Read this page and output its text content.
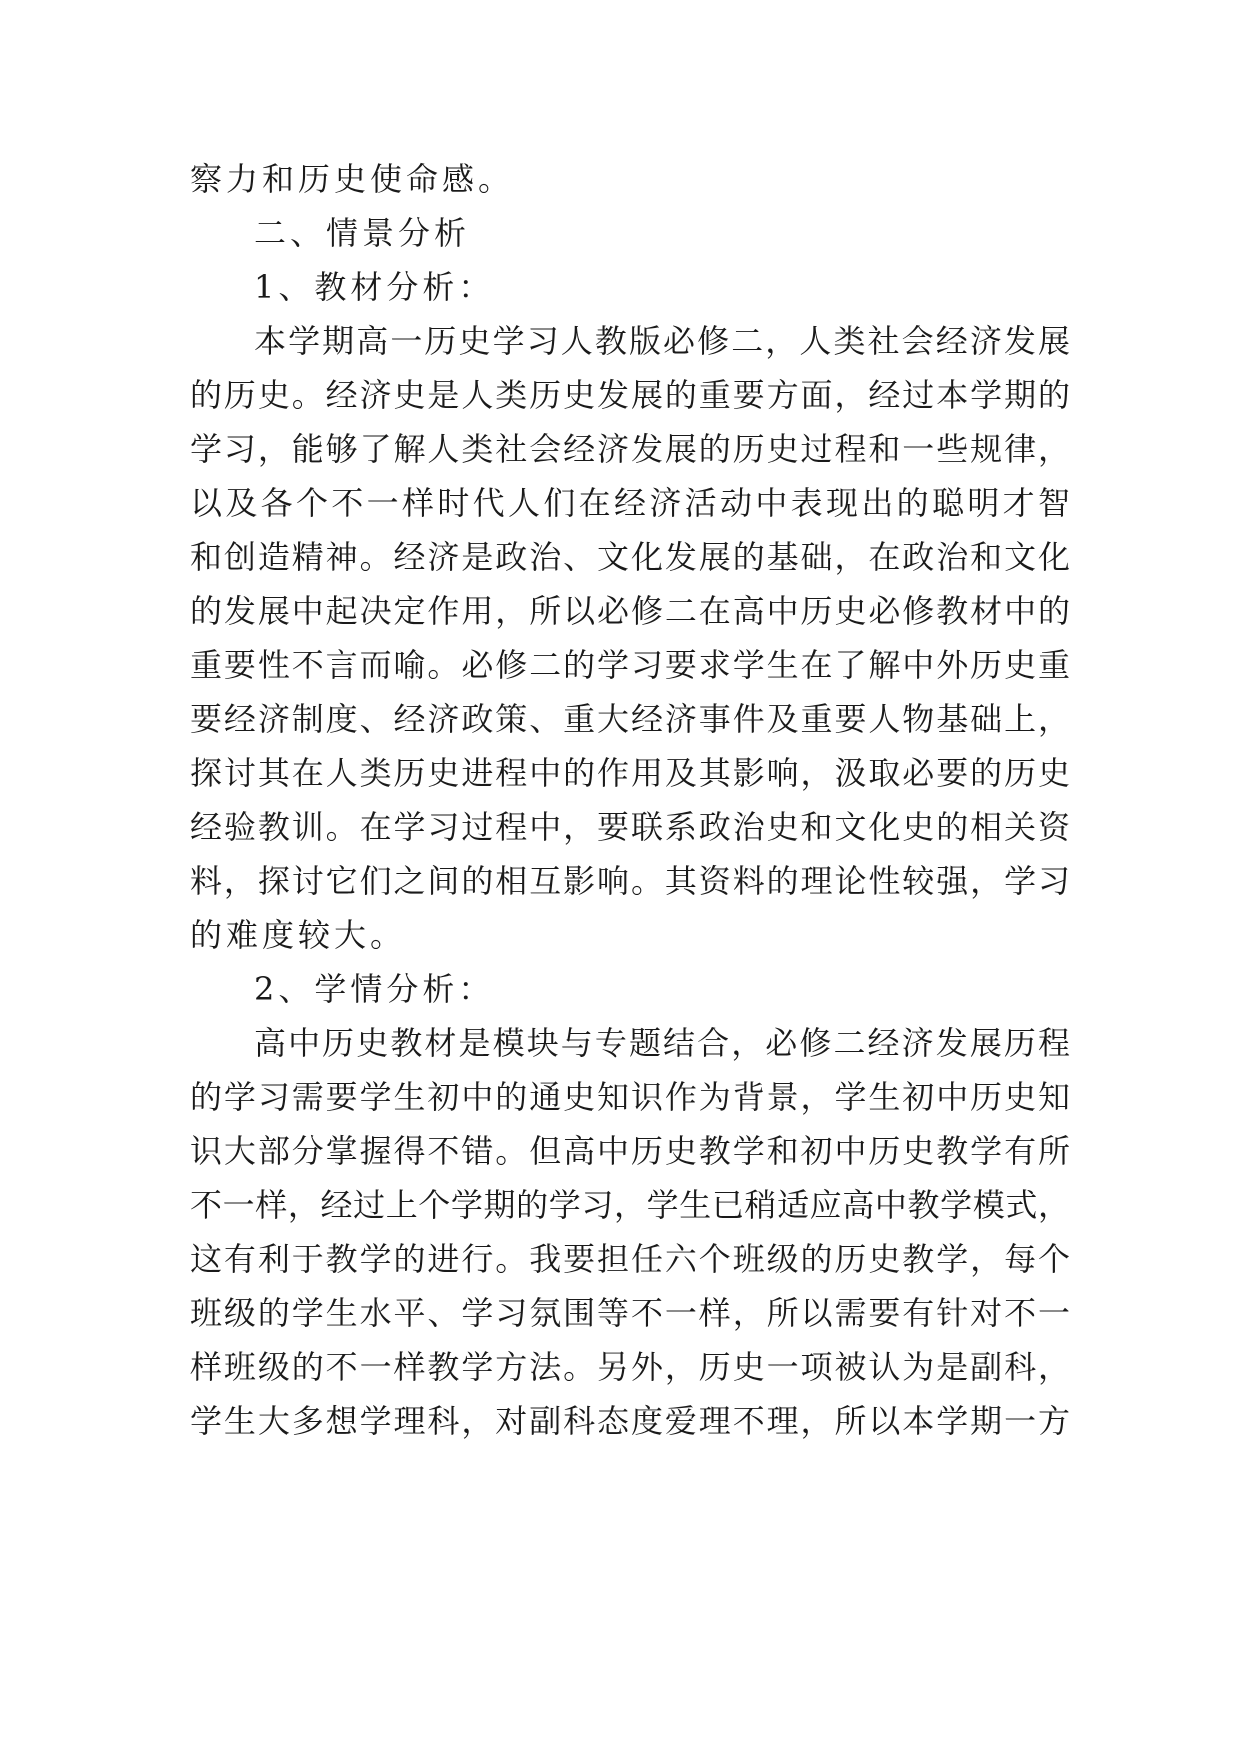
察力和历史使命感。
二、情景分析
1、教材分析：
本学期高一历史学习人教版必修二，人类社会经济发展
的历史。经济史是人类历史发展的重要方面，经过本学期的
学习，能够了解人类社会经济发展的历史过程和一些规律，
以及各个不一样时代人们在经济活动中表现出的聪明才智
和创造精神。经济是政治、文化发展的基础，在政治和文化
的发展中起决定作用，所以必修二在高中历史必修教材中的
重要性不言而喻。必修二的学习要求学生在了解中外历史重
要经济制度、经济政策、重大经济事件及重要人物基础上，
探讨其在人类历史进程中的作用及其影响，汲取必要的历史
经验教训。在学习过程中，要联系政治史和文化史的相关资
料，探讨它们之间的相互影响。其资料的理论性较强，学习
的难度较大。
2、学情分析：
高中历史教材是模块与专题结合，必修二经济发展历程
的学习需要学生初中的通史知识作为背景，学生初中历史知
识大部分掌握得不错。但高中历史教学和初中历史教学有所
不一样，经过上个学期的学习，学生已稍适应高中教学模式，
这有利于教学的进行。我要担任六个班级的历史教学，每个
班级的学生水平、学习氛围等不一样，所以需要有针对不一
样班级的不一样教学方法。另外，历史一项被认为是副科，
学生大多想学理科，对副科态度爱理不理，所以本学期一方
